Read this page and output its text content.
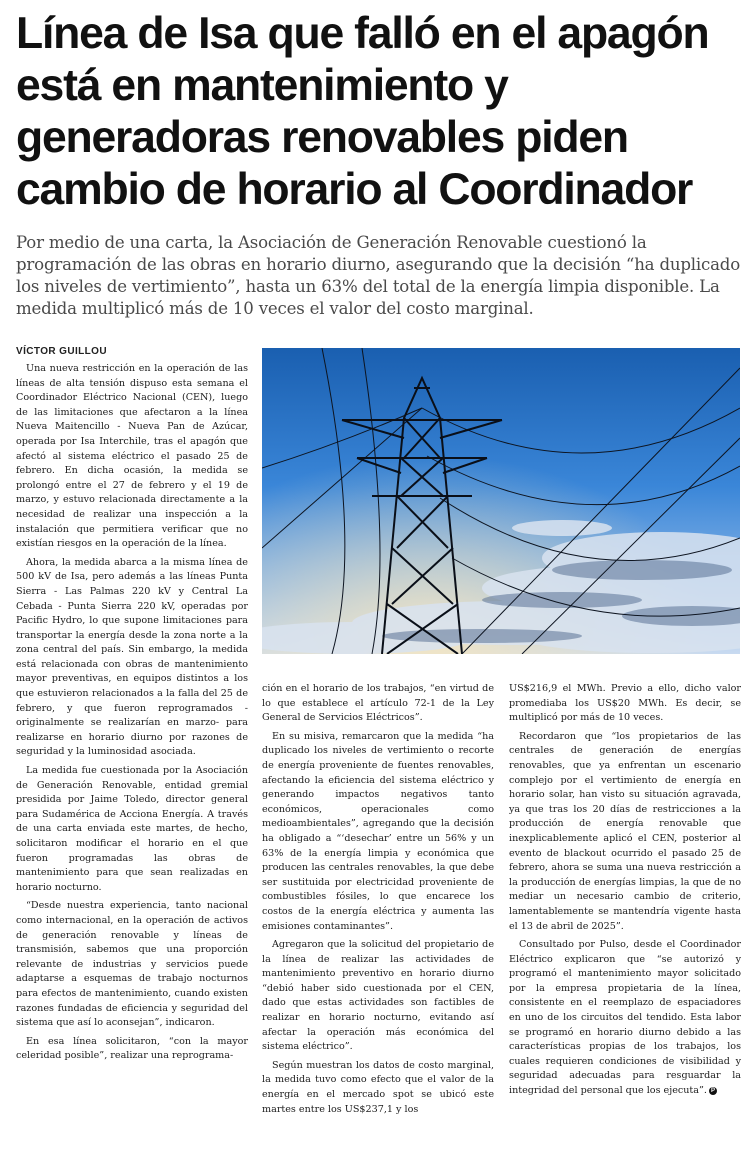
Línea de Isa que falló en el apagón está en mantenimiento y generadoras renovables piden cambio de horario al Coordinador

Por medio de una carta, la Asociación de Generación Renovable cuestionó la programación de las obras en horario diurno, asegurando que la decisión “ha duplicado los niveles de vertimiento”, hasta un 63% del total de la energía limpia disponible. La medida multiplicó más de 10 veces el valor del costo marginal.

VÍCTOR GUILLOU

Una nueva restricción en la operación de las líneas de alta tensión dispuso esta semana el Coordinador Eléctrico Nacional (CEN), luego de las limitaciones que afectaron a la línea Nueva Maitencillo - Nueva Pan de Azúcar, operada por Isa Interchile, tras el apagón que afectó al sistema eléctrico el pasado 25 de febrero. En dicha ocasión, la medida se prolongó entre el 27 de febrero y el 19 de marzo, y estuvo relacionada directamente a la necesidad de realizar una inspección a la instalación que permitiera verificar que no existían riesgos en la operación de la línea.

Ahora, la medida abarca a la misma línea de 500 kV de Isa, pero además a las líneas Punta Sierra - Las Palmas 220 kV y Central La Cebada - Punta Sierra 220 kV, operadas por Pacific Hydro, lo que supone limitaciones para transportar la energía desde la zona norte a la zona central del país. Sin embargo, la medida está relacionada con obras de mantenimiento mayor preventivas, en equipos distintos a los que estuvieron relacionados a la falla del 25 de febrero, y que fueron reprogramados -originalmente se realizarían en marzo- para realizarse en horario diurno por razones de seguridad y la luminosidad asociada.

La medida fue cuestionada por la Asociación de Generación Renovable, entidad gremial presidida por Jaime Toledo, director general para Sudamérica de Acciona Energía. A través de una carta enviada este martes, de hecho, solicitaron modificar el horario en el que fueron programadas las obras de mantenimiento para que sean realizadas en horario nocturno.

“Desde nuestra experiencia, tanto nacional como internacional, en la operación de activos de generación renovable y líneas de transmisión, sabemos que una proporción relevante de industrias y servicios puede adaptarse a esquemas de trabajo nocturnos para efectos de mantenimiento, cuando existen razones fundadas de eficiencia y seguridad del sistema que así lo aconsejan”, indicaron.

En esa línea solicitaron, “con la mayor celeridad posible”, realizar una reprograma-

ción en el horario de los trabajos, “en virtud de lo que establece el artículo 72-1 de la Ley General de Servicios Eléctricos”.

En su misiva, remarcaron que la medida “ha duplicado los niveles de vertimiento o recorte de energía proveniente de fuentes renovables, afectando la eficiencia del sistema eléctrico y generando impactos negativos tanto económicos, operacionales como medioambientales”, agregando que la decisión ha obligado a “‘desechar’ entre un 56% y un 63% de la energía limpia y económica que producen las centrales renovables, la que debe ser sustituida por electricidad proveniente de combustibles fósiles, lo que encarece los costos de la energía eléctrica y aumenta las emisiones contaminantes”.

Agregaron que la solicitud del propietario de la línea de realizar las actividades de mantenimiento preventivo en horario diurno “debió haber sido cuestionada por el CEN, dado que estas actividades son factibles de realizar en horario nocturno, evitando así afectar la operación más económica del sistema eléctrico”.

Según muestran los datos de costo marginal, la medida tuvo como efecto que el valor de la energía en el mercado spot se ubicó este martes entre los US$237,1 y los

US$216,9 el MWh. Previo a ello, dicho valor promediaba los US$20 MWh. Es decir, se multiplicó por más de 10 veces.

Recordaron que “los propietarios de las centrales de generación de energías renovables, que ya enfrentan un escenario complejo por el vertimiento de energía en horario solar, han visto su situación agravada, ya que tras los 20 días de restricciones a la producción de energía renovable que inexplicablemente aplicó el CEN, posterior al evento de blackout ocurrido el pasado 25 de febrero, ahora se suma una nueva restricción a la producción de energías limpias, la que de no mediar un necesario cambio de criterio, lamentablemente se mantendría vigente hasta el 13 de abril de 2025”.

Consultado por Pulso, desde el Coordinador Eléctrico explicaron que “se autorizó y programó el mantenimiento mayor solicitado por la empresa propietaria de la línea, consistente en el reemplazo de espaciadores en uno de los circuitos del tendido. Esta labor se programó en horario diurno debido a las características propias de los trabajos, los cuales requieren condiciones de visibilidad y seguridad adecuadas para resguardar la integridad del personal que los ejecuta”. P
